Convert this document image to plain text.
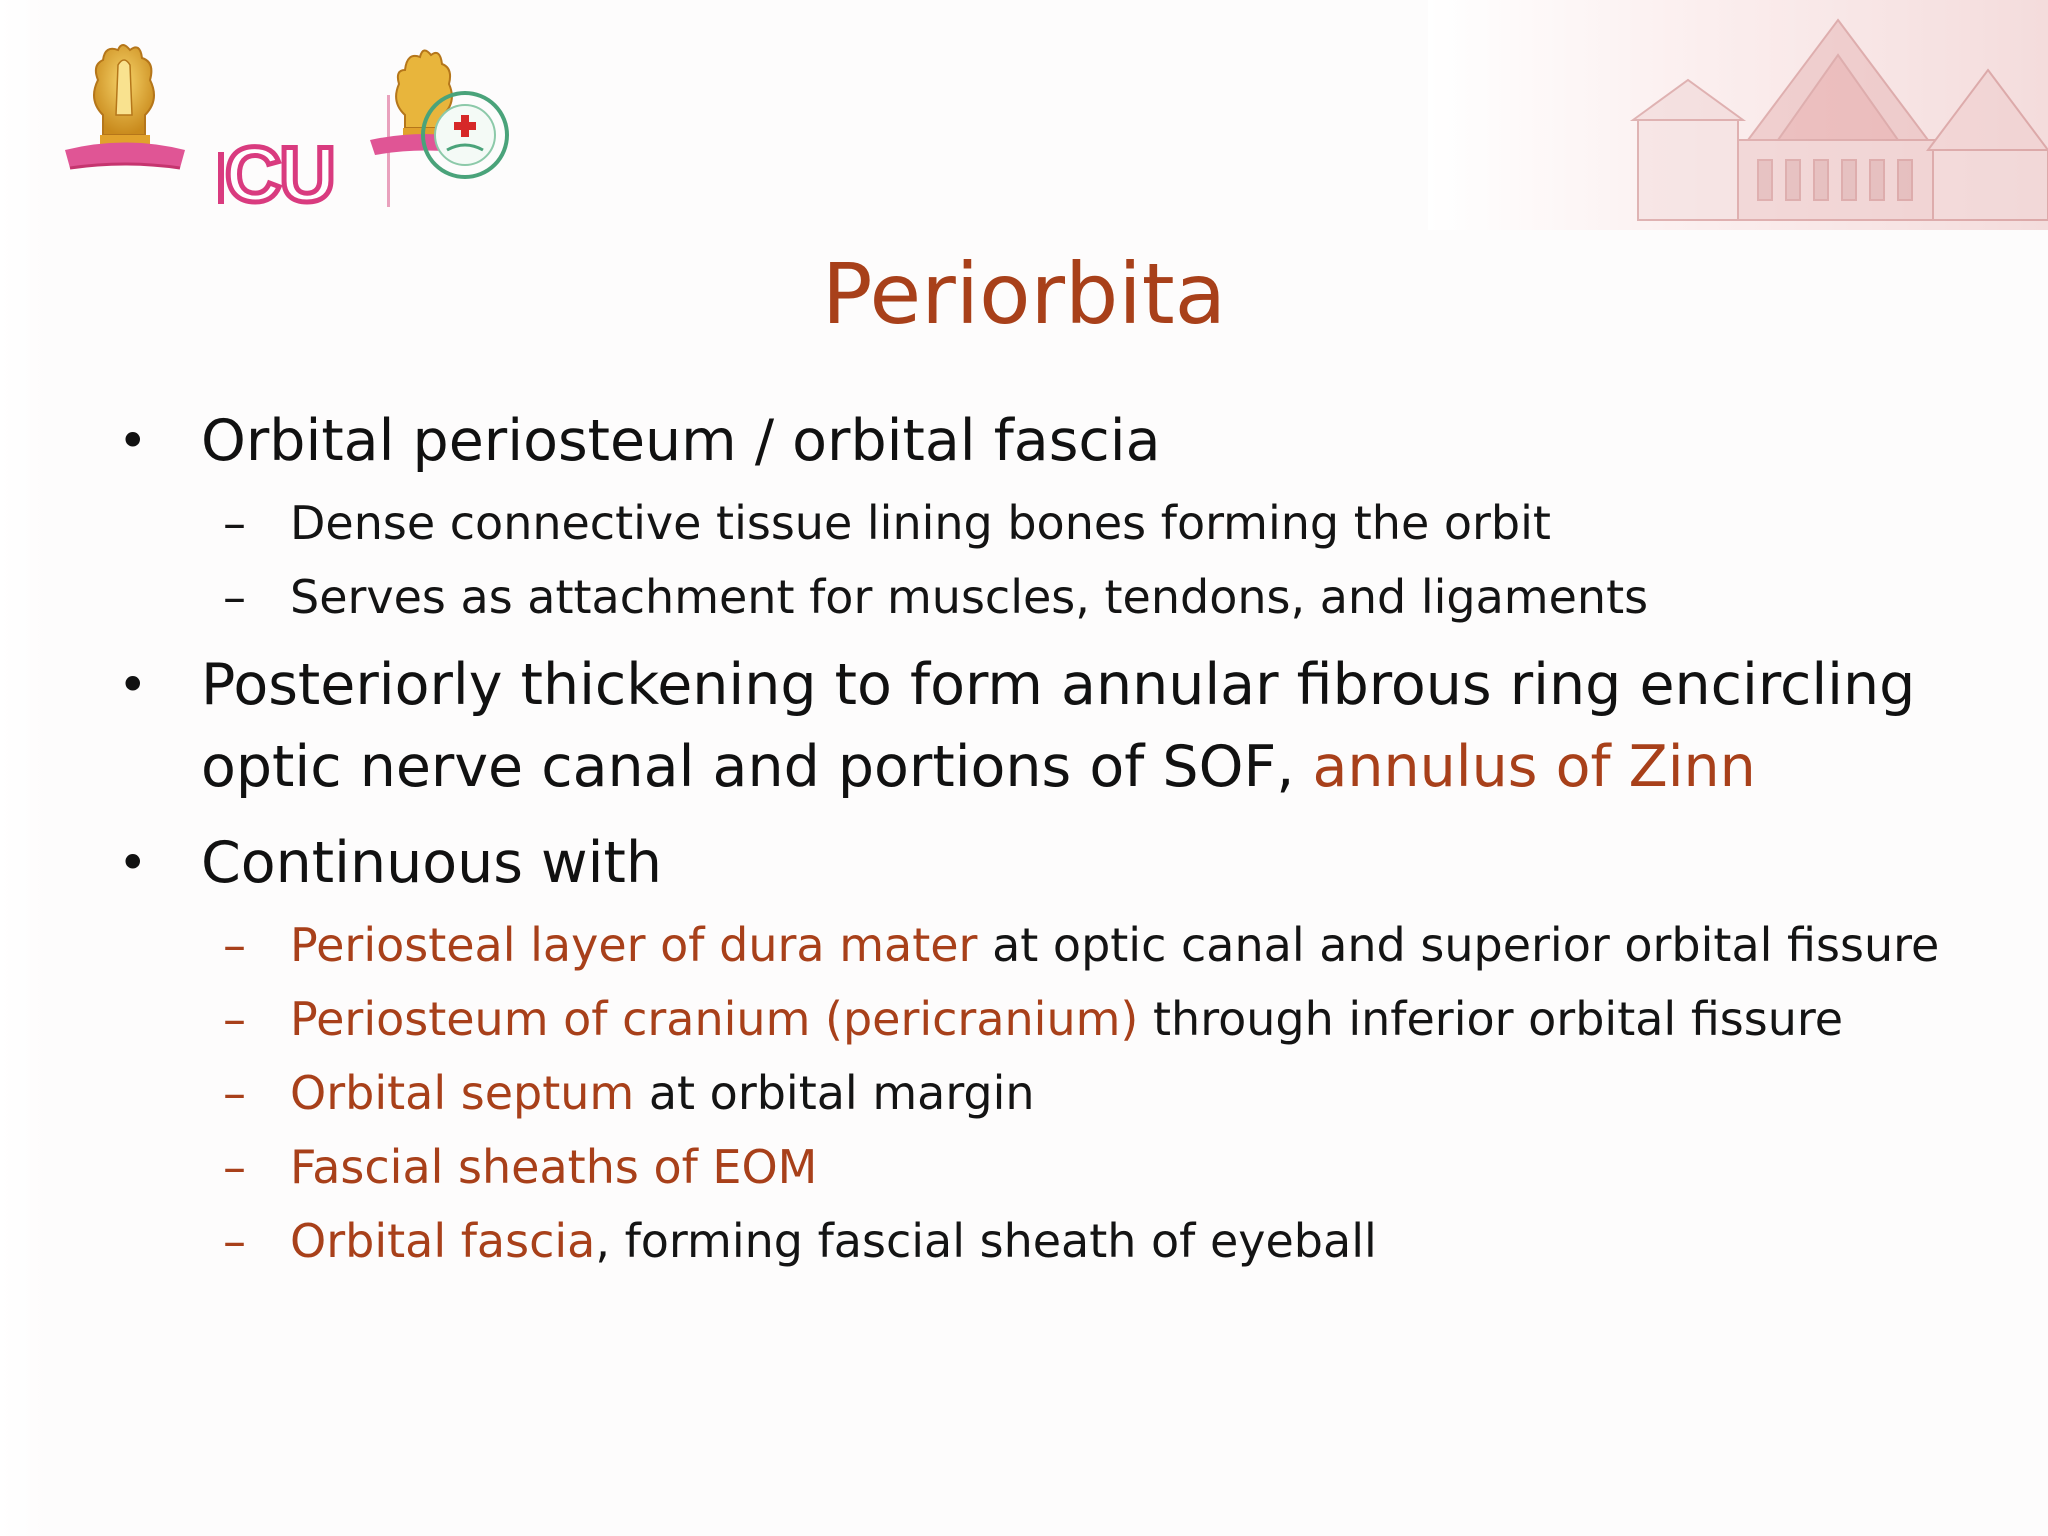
CU
Periorbita
• Orbital periosteum / orbital fascia
– Dense connective tissue lining bones forming the orbit
– Serves as attachment for muscles, tendons, and ligaments
• Posteriorly thickening to form annular fibrous ring encircling optic nerve canal and portions of SOF, annulus of Zinn
• Continuous with
– Periosteal layer of dura mater at optic canal and superior orbital fissure
– Periosteum of cranium (pericranium) through inferior orbital fissure
– Orbital septum at orbital margin
– Fascial sheaths of EOM
– Orbital fascia, forming fascial sheath of eyeball
